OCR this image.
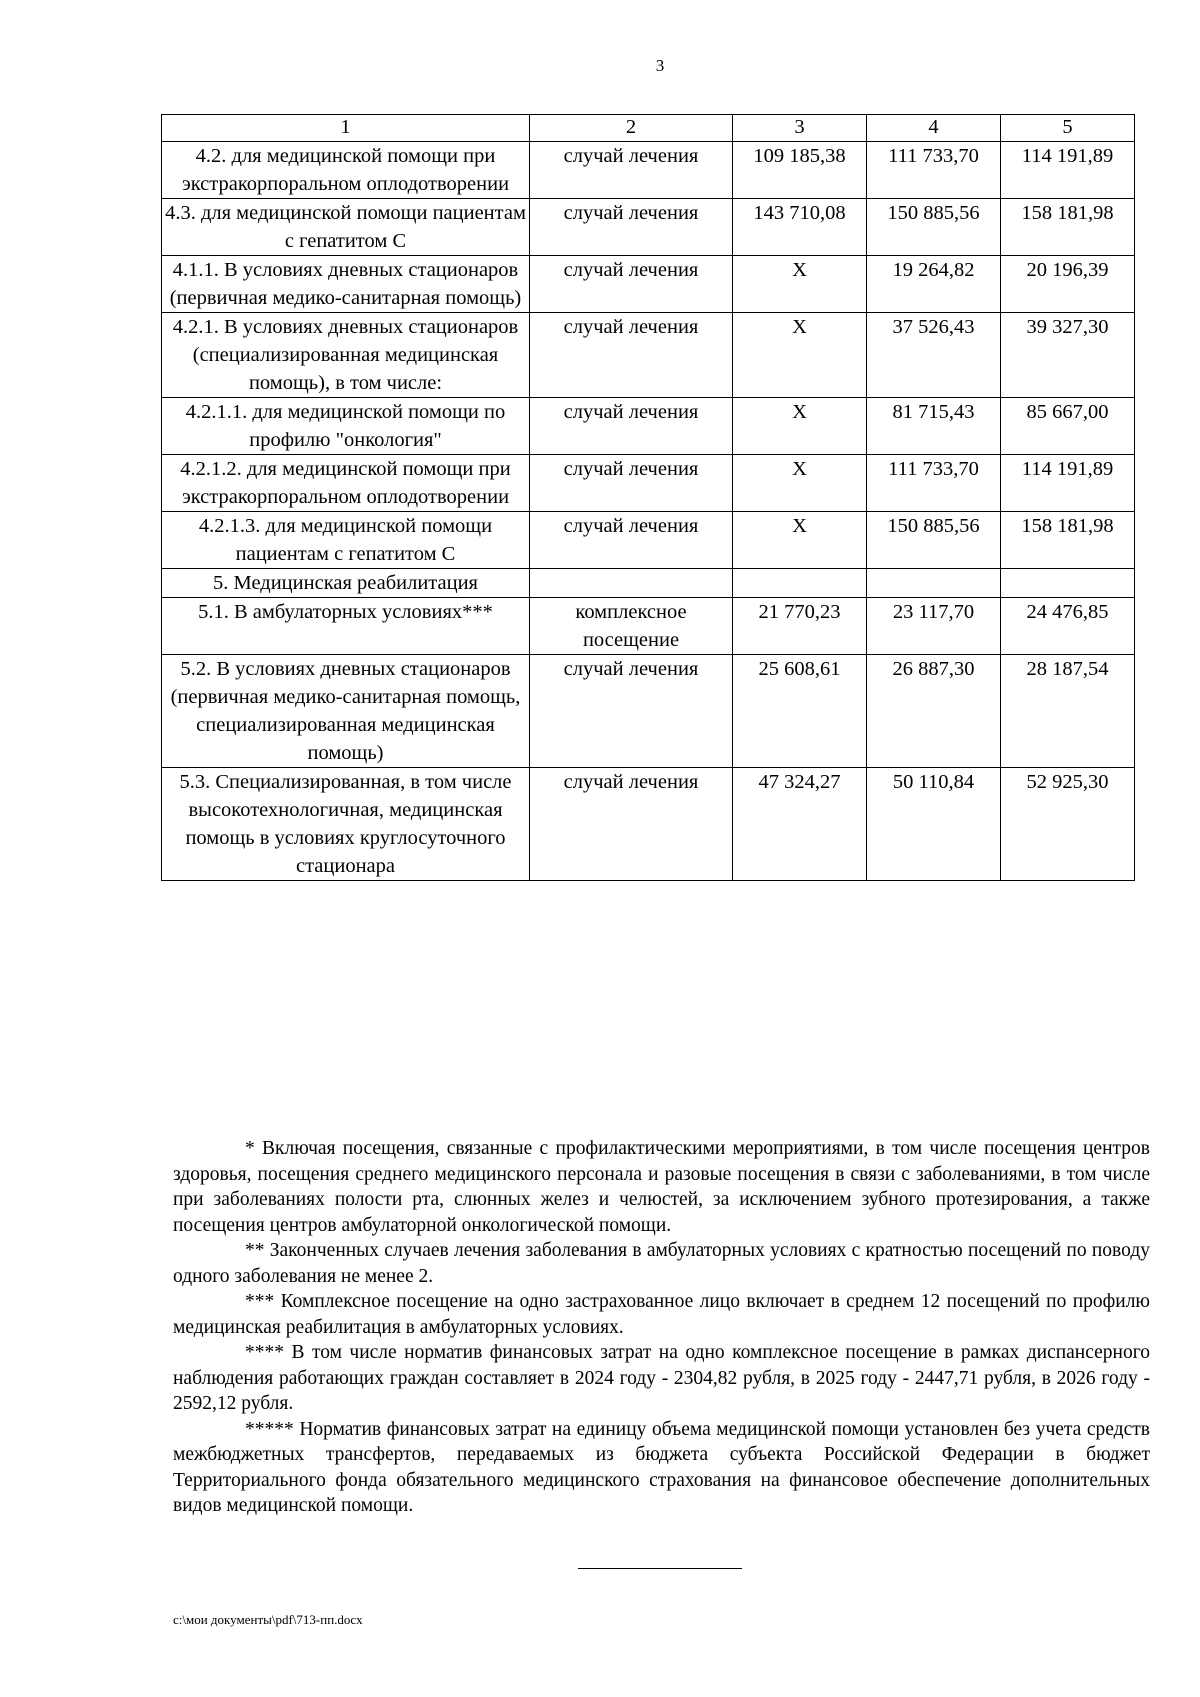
3
1	2	3	4	5
4.2. для медицинской помощи при экстракорпоральном оплодотворении	случай лечения	109 185,38	111 733,70	114 191,89
4.3. для медицинской помощи пациентам с гепатитом С	случай лечения	143 710,08	150 885,56	158 181,98
4.1.1. В условиях дневных стационаров (первичная медико-санитарная помощь)	случай лечения	X	19 264,82	20 196,39
4.2.1. В условиях дневных стационаров (специализированная медицинская помощь), в том числе:	случай лечения	X	37 526,43	39 327,30
4.2.1.1. для медицинской помощи по профилю "онкология"	случай лечения	X	81 715,43	85 667,00
4.2.1.2. для медицинской помощи при экстракорпоральном оплодотворении	случай лечения	X	111 733,70	114 191,89
4.2.1.3. для медицинской помощи пациентам с гепатитом С	случай лечения	X	150 885,56	158 181,98
5. Медицинская реабилитация				
5.1. В амбулаторных условиях***	комплексное посещение	21 770,23	23 117,70	24 476,85
5.2. В условиях дневных стационаров (первичная медико-санитарная помощь, специализированная медицинская помощь)	случай лечения	25 608,61	26 887,30	28 187,54
5.3. Специализированная, в том числе высокотехнологичная, медицинская помощь в условиях круглосуточного стационара	случай лечения	47 324,27	50 110,84	52 925,30

* Включая посещения, связанные с профилактическими мероприятиями, в том числе посещения центров здоровья, посещения среднего медицинского персонала и разовые посещения в связи с заболеваниями, в том числе при заболеваниях полости рта, слюнных желез и челюстей, за исключением зубного протезирования, а также посещения центров амбулаторной онкологической помощи.

** Законченных случаев лечения заболевания в амбулаторных условиях с кратностью посещений по поводу одного заболевания не менее 2.

*** Комплексное посещение на одно застрахованное лицо включает в среднем 12 посещений по профилю медицинская реабилитация в амбулаторных условиях.

**** В том числе норматив финансовых затрат на одно комплексное посещение в рамках диспансерного наблюдения работающих граждан составляет в 2024 году - 2304,82 рубля, в 2025 году - 2447,71 рубля, в 2026 году - 2592,12 рубля.

***** Норматив финансовых затрат на единицу объема медицинской помощи установлен без учета средств межбюджетных трансфертов, передаваемых из бюджета субъекта Российской Федерации в бюджет Территориального фонда обязательного медицинского страхования на финансовое обеспечение дополнительных видов медицинской помощи.

c:\мои документы\pdf\713-пп.docx
